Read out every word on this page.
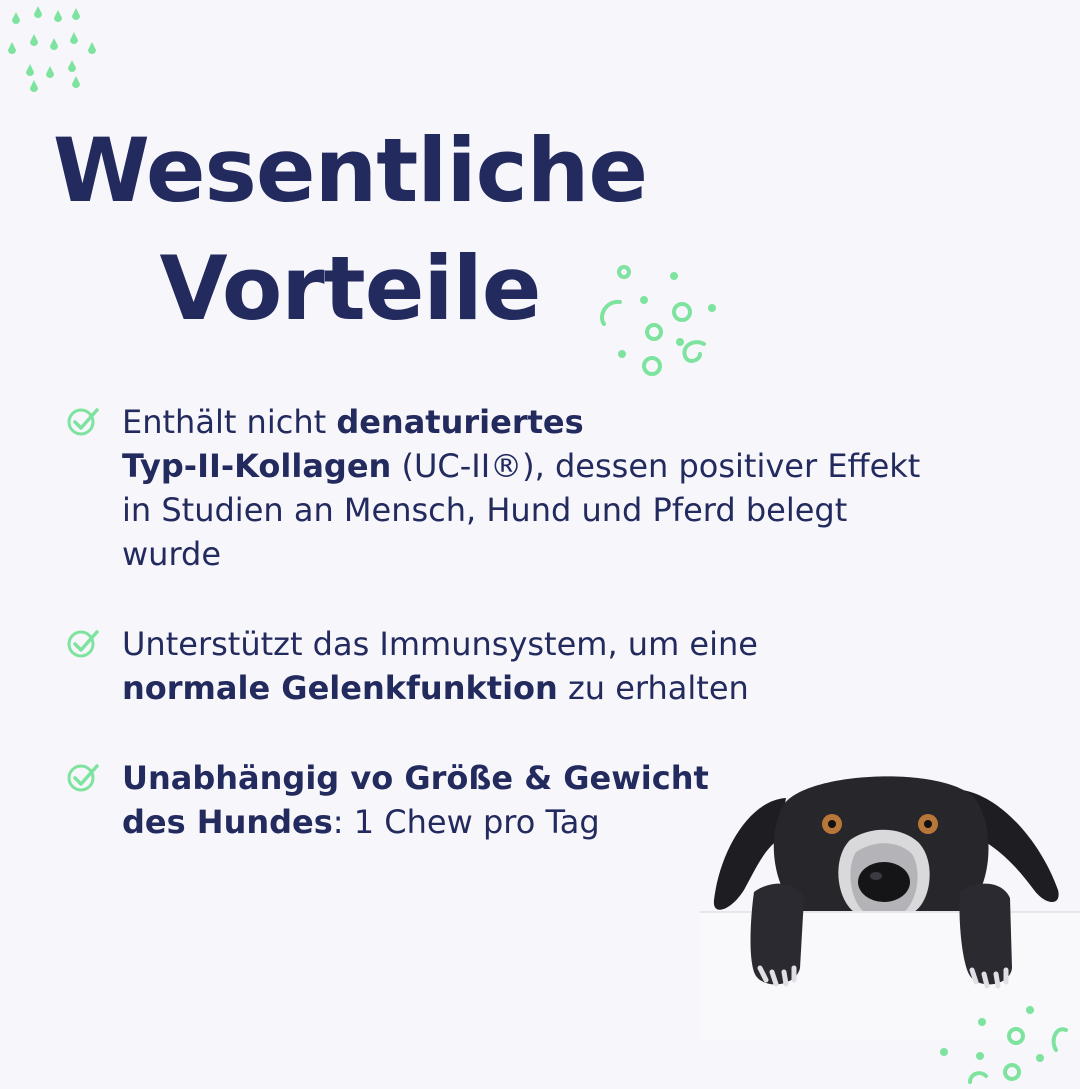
Wesentliche
Vorteile

Enthält nicht denaturiertes
Typ-II-Kollagen (UC-II®), dessen positiver Effekt in Studien an Mensch, Hund und Pferd belegt wurde

Unterstützt das Immunsystem, um eine
normale Gelenkfunktion zu erhalten

Unabhängig vo Größe & Gewicht des Hundes: 1 Chew pro Tag
